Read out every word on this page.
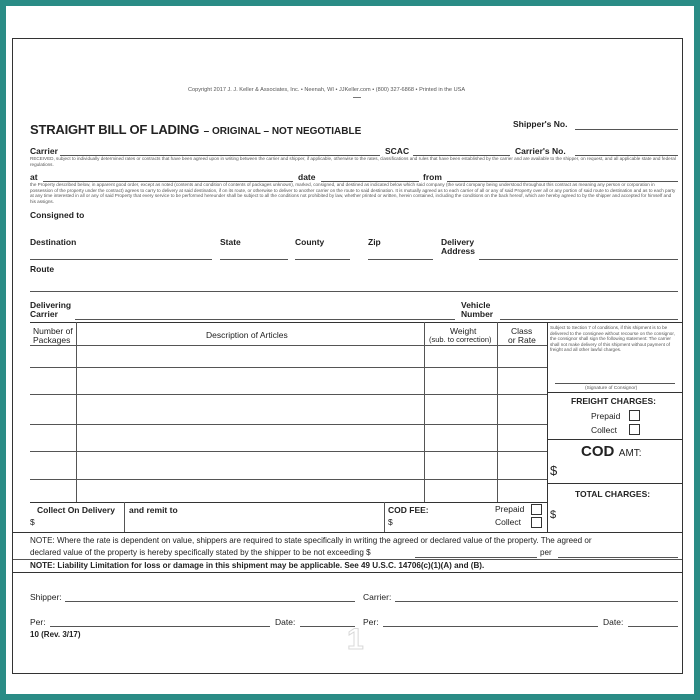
Copyright 2017 J. J. Keller & Associates, Inc. • Neenah, WI • JJKeller.com • (800) 327-6868 • Printed in the USA
STRAIGHT BILL OF LADING – ORIGINAL – NOT NEGOTIABLE
Shipper's No.
Carrier	SCAC	Carrier's No.
RECEIVED, subject to individually determined rates or contracts that have been agreed upon in writing between the carrier and shipper, if applicable, otherwise to the rates, classifications and rules that have been established by the carrier and are available to the shipper, on request, and all applicable state and federal regulations.
at	date	from
the Property described below, in apparent good order, except as noted (contents and condition of contents of packages unknown), marked, consigned, and destined as indicated below which said company (the word company being understood throughout this contract as meaning any person or corporation in possession of the property under the contract) agrees to carry to delivery at said destination, if on its route, or otherwise to deliver to another carrier on the route to said destination. It is mutually agreed as to each carrier of all or any of said Property over all or any portion of said route to destination and as to each party at any time interested in all or any of said Property that every service to be performed hereunder shall be subject to all the conditions not prohibited by law, whether printed or written, herein contained, including the conditions on the back hereof, which are hereby agreed to by the shipper and accepted for himself and his assigns.
Consigned to
Destination	State	County	Zip	Delivery
Address
Route
Delivering
Carrier
Vehicle
Number
Number of
Packages	Description of Articles	Weight
(sub. to correction)
Class
or Rate
Subject to Section 7 of conditions, if this shipment is to be delivered to the consignee without recourse on the consignor, the consignor shall sign the following statement: The carrier shall not make delivery of this shipment without payment of freight and all other lawful charges.
(Signature of Consignor)
FREIGHT CHARGES:
Prepaid
Collect
COD AMT:
$
TOTAL CHARGES:
$
Collect On Delivery
$
and remit to	COD FEE:
$
Prepaid
Collect
NOTE: Where the rate is dependent on value, shippers are required to state specifically in writing the agreed or declared value of the property. The agreed or
declared value of the property is hereby specifically stated by the shipper to be not exceeding $	per
NOTE: Liability Limitation for loss or damage in this shipment may be applicable. See 49 U.S.C. 14706(c)(1)(A) and (B).
Shipper:	Carrier:
Per:	Date:	Per:	Date:
10 (Rev. 3/17)	1
